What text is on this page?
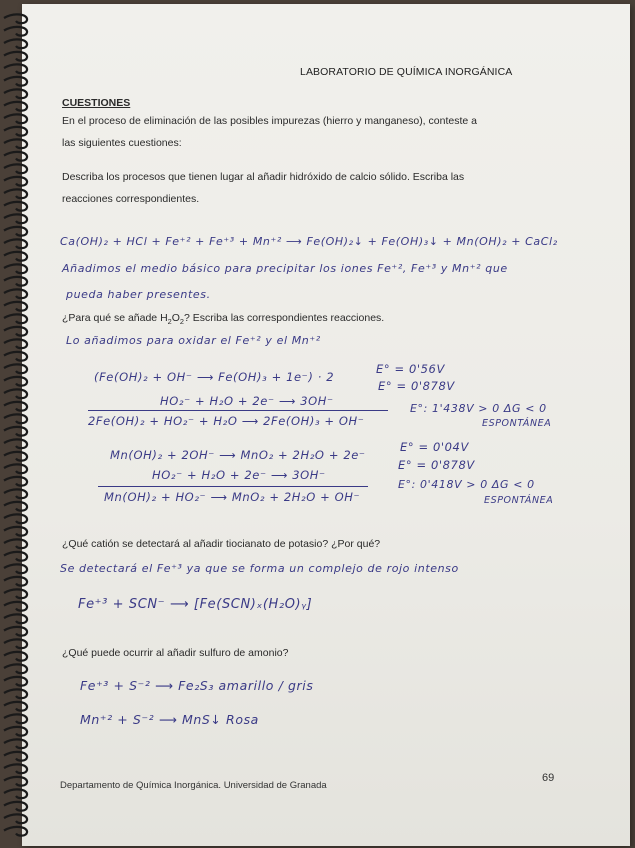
LABORATORIO DE QUÍMICA INORGÁNICA
CUESTIONES
En el proceso de eliminación de las posibles impurezas (hierro y manganeso), conteste a
las siguientes cuestiones:
Describa los procesos que tienen lugar al añadir hidróxido de calcio sólido. Escriba las
reacciones correspondientes.
Ca(OH)₂ + HCl + Fe⁺² + Fe⁺³ + Mn⁺² ⟶ Fe(OH)₂↓ + Fe(OH)₃↓ + Mn(OH)₂ + CaCl₂
Añadimos el medio básico para precipitar los iones Fe⁺², Fe⁺³ y Mn⁺² que
pueda haber presentes.
¿Para qué se añade $H_2O_2$? Escriba las correspondientes reacciones.
Lo añadimos para oxidar el Fe⁺² y el Mn⁺²
(Fe(OH)₂ + OH⁻ ⟶ Fe(OH)₃ + 1e⁻) · 2
E° = 0'56V
HO₂⁻ + H₂O + 2e⁻ ⟶ 3OH⁻
E° = 0'878V
2Fe(OH)₂ + HO₂⁻ + H₂O ⟶ 2Fe(OH)₃ + OH⁻
E°: 1'438V > 0 ΔG < 0
ESPONTÁNEA
Mn(OH)₂ + 2OH⁻ ⟶ MnO₂ + 2H₂O + 2e⁻
E° = 0'04V
HO₂⁻ + H₂O + 2e⁻ ⟶ 3OH⁻
E° = 0'878V
Mn(OH)₂ + HO₂⁻ ⟶ MnO₂ + 2H₂O + OH⁻
E°: 0'418V > 0 ΔG < 0
ESPONTÁNEA
¿Qué catión se detectará al añadir tiocianato de potasio? ¿Por qué?
Se detectará el Fe⁺³ ya que se forma un complejo de rojo intenso
Fe⁺³ + SCN⁻ ⟶ [Fe(SCN)ₓ(H₂O)ᵧ]
¿Qué puede ocurrir al añadir sulfuro de amonio?
Fe⁺³ + S⁻² ⟶ Fe₂S₃ amarillo / gris
Mn⁺² + S⁻² ⟶ MnS↓ Rosa
Departamento de Química Inorgánica. Universidad de Granada
69
